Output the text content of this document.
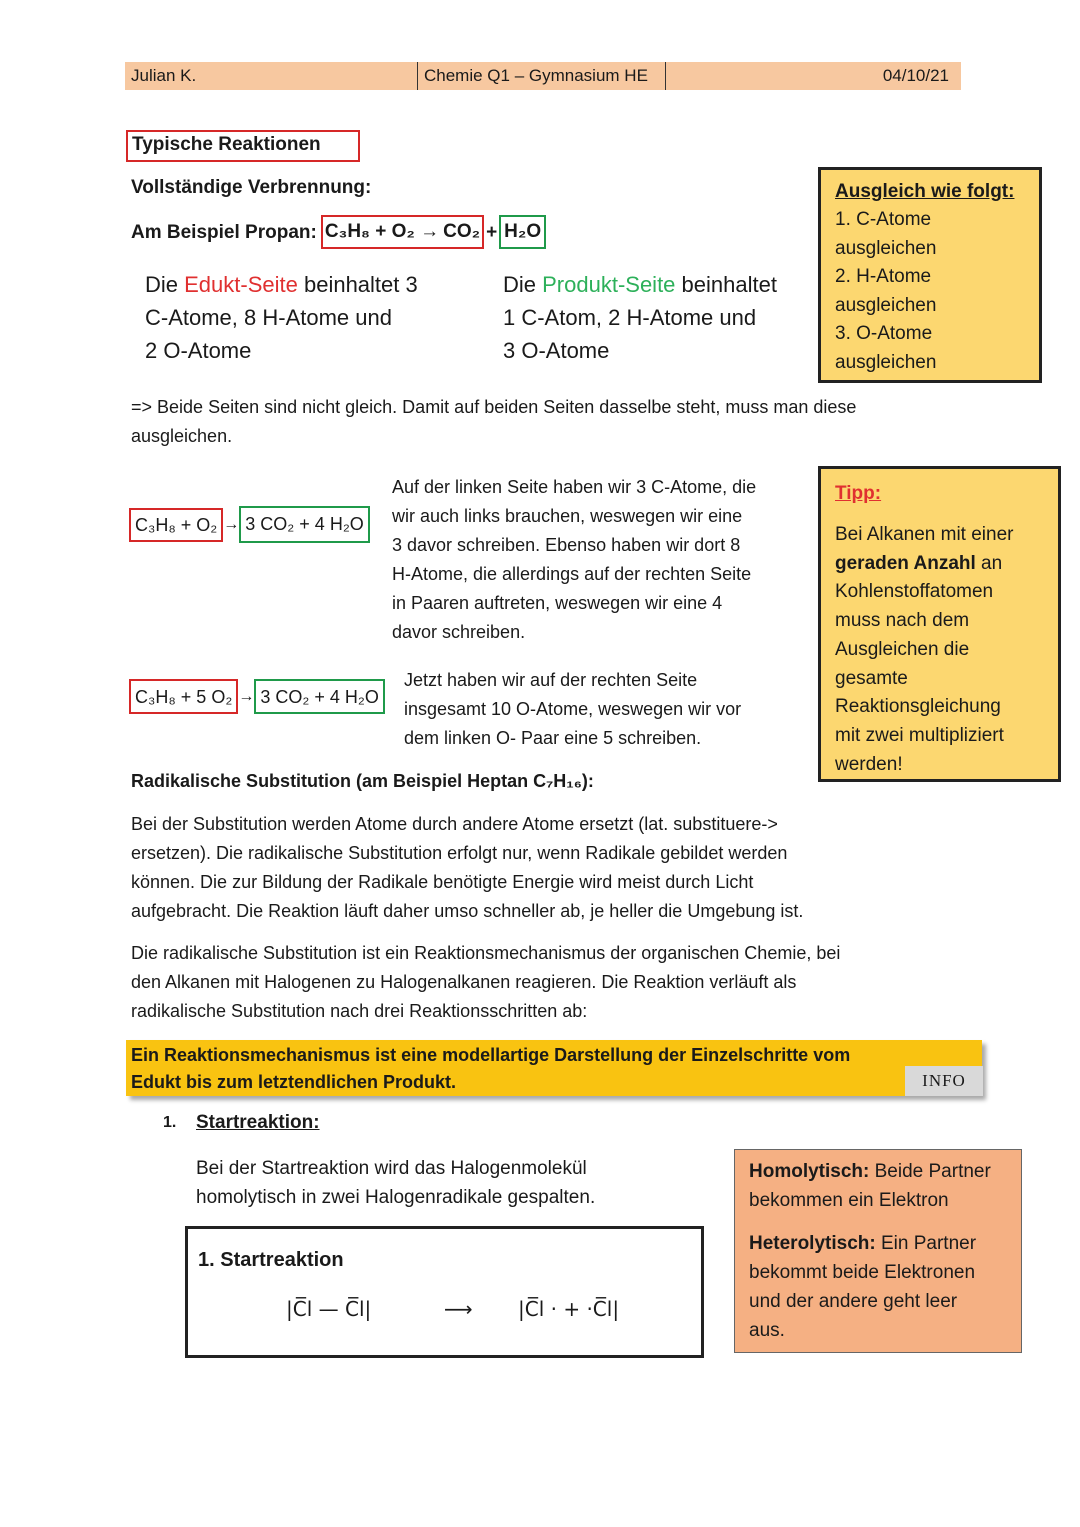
Julian K.	Chemie Q1 – Gymnasium HE	04/10/21
Typische Reaktionen
Vollständige Verbrennung:
Am Beispiel Propan: C₃H₈ + O₂ → CO₂ + H₂O
Die Edukt-Seite beinhaltet 3
C-Atome, 8 H-Atome und
2 O-Atome
Die Produkt-Seite beinhaltet
1 C-Atom, 2 H-Atome und
3 O-Atome
Ausgleich wie folgt:
1. C-Atome
ausgleichen
2. H-Atome
ausgleichen
3. O-Atome
ausgleichen
=> Beide Seiten sind nicht gleich. Damit auf beiden Seiten dasselbe steht, muss man diese
ausgleichen.
C₃H₈ + O₂ → 3 CO₂ + 4 H₂O
Auf der linken Seite haben wir 3 C-Atome, die
wir auch links brauchen, weswegen wir eine
3 davor schreiben. Ebenso haben wir dort 8
H-Atome, die allerdings auf der rechten Seite
in Paaren auftreten, weswegen wir eine 4
davor schreiben.
Tipp:
Bei Alkanen mit einer
geraden Anzahl an
Kohlenstoffatomen
muss nach dem
Ausgleichen die
gesamte
Reaktionsgleichung
mit zwei multipliziert
werden!
C₃H₈ + 5 O₂ → 3 CO₂ + 4 H₂O
Jetzt haben wir auf der rechten Seite
insgesamt 10 O-Atome, weswegen wir vor
dem linken O- Paar eine 5 schreiben.
Radikalische Substitution (am Beispiel Heptan C₇H₁₆):
Bei der Substitution werden Atome durch andere Atome ersetzt (lat. substituere->
ersetzen). Die radikalische Substitution erfolgt nur, wenn Radikale gebildet werden
können. Die zur Bildung der Radikale benötigte Energie wird meist durch Licht
aufgebracht. Die Reaktion läuft daher umso schneller ab, je heller die Umgebung ist.
Die radikalische Substitution ist ein Reaktionsmechanismus der organischen Chemie, bei
den Alkanen mit Halogenen zu Halogenalkanen reagieren. Die Reaktion verläuft als
radikalische Substitution nach drei Reaktionsschritten ab:
Ein Reaktionsmechanismus ist eine modellartige Darstellung der Einzelschritte vom
Edukt bis zum letztendlichen Produkt.	INFO
1. Startreaktion:
Bei der Startreaktion wird das Halogenmolekül
homolytisch in zwei Halogenradikale gespalten.
1. Startreaktion
|C̅l — C̅l|	⟶ |C̅l · + ·C̅l|
Homolytisch: Beide Partner
bekommen ein Elektron
Heterolytisch: Ein Partner
bekommt beide Elektronen
und der andere geht leer
aus.
